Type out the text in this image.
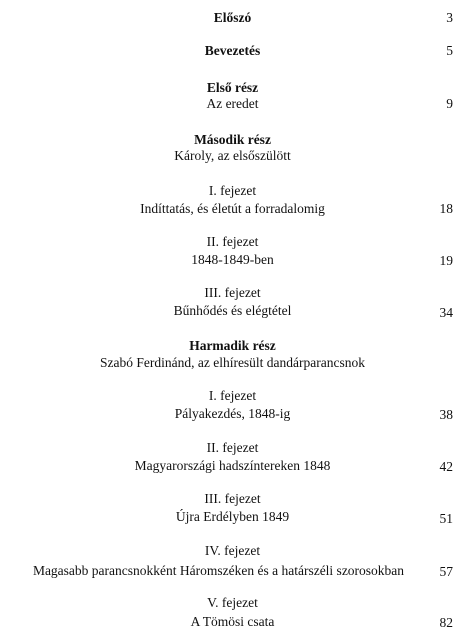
Előszó	3
Bevezetés	5
Első rész
Az eredet	9
Második rész
Károly, az elsőszülött
I. fejezet
Indíttatás, és életút a forradalomig	18
II. fejezet
1848-1849-ben	19
III. fejezet
Bűnhődés és elégtétel	34
Harmadik rész
Szabó Ferdinánd, az elhíresült dandárparancsnok
I. fejezet
Pályakezdés, 1848-ig	38
II. fejezet
Magyarországi hadszíntereken 1848	42
III. fejezet
Újra Erdélyben 1849	51
IV. fejezet
Magasabb parancsnokként Háromszéken és a határszéli szorosokban	57
V. fejezet
A Tömösi csata	82
